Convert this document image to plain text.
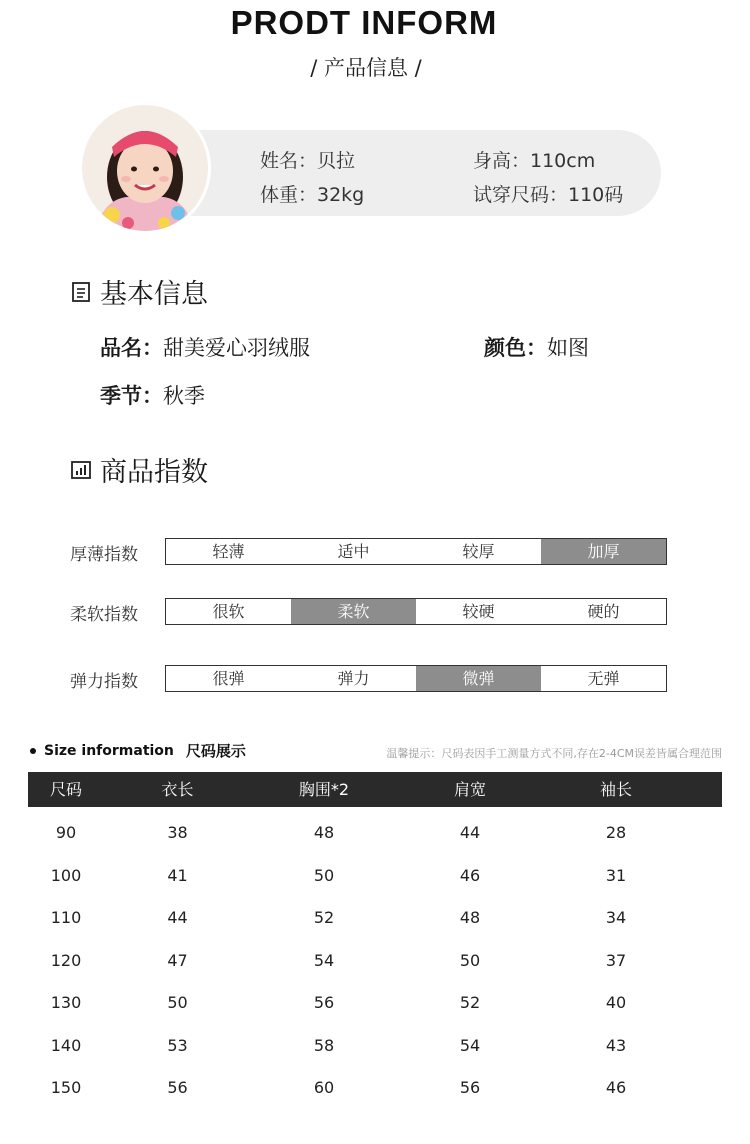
PRODT INFORM
/ 产品信息 /
姓名：贝拉	身高：110cm
体重：32kg	试穿尺码：110码
基本信息
品名：甜美爱心羽绒服	颜色：如图
季节：秋季
商品指数
厚薄指数	轻薄	适中	较厚	加厚
柔软指数	很软	柔软	较硬	硬的
弹力指数	很弹	弹力	微弹	无弹
Size information 尺码展示	温馨提示：尺码表因手工测量方式不同,存在2-4CM误差皆属合理范围
尺码	衣长	胸围*2	肩宽	袖长
90	38	48	44	28
100	41	50	46	31
110	44	52	48	34
120	47	54	50	37
130	50	56	52	40
140	53	58	54	43
150	56	60	56	46
